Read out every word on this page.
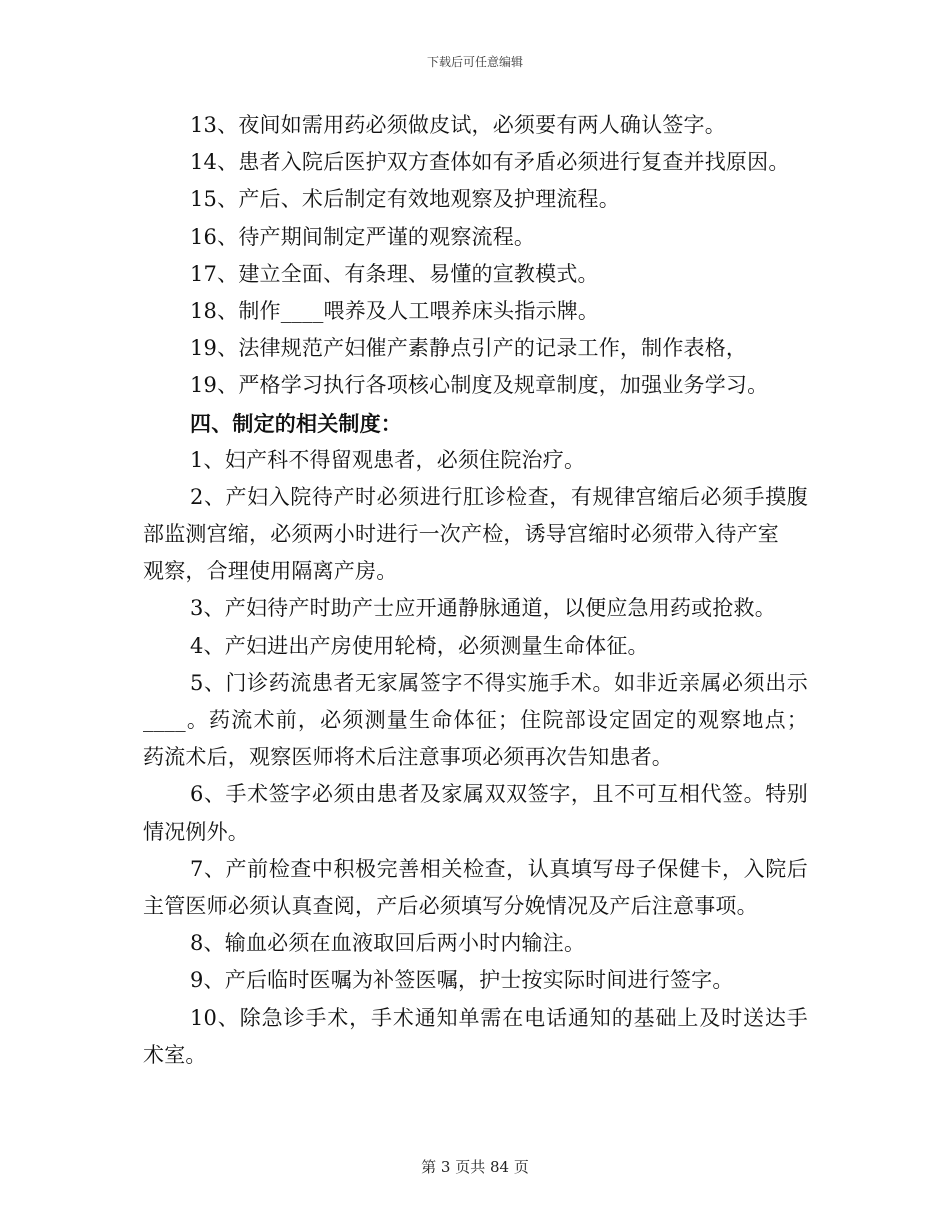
下载后可任意编辑
13、夜间如需用药必须做皮试，必须要有两人确认签字。
14、患者入院后医护双方查体如有矛盾必须进行复查并找原因。
15、产后、术后制定有效地观察及护理流程。
16、待产期间制定严谨的观察流程。
17、建立全面、有条理、易懂的宣教模式。
18、制作____喂养及人工喂养床头指示牌。
19、法律规范产妇催产素静点引产的记录工作，制作表格，
19、严格学习执行各项核心制度及规章制度，加强业务学习。
四、制定的相关制度：
1、妇产科不得留观患者，必须住院治疗。
2、产妇入院待产时必须进行肛诊检查，有规律宫缩后必须手摸腹
部监测宫缩，必须两小时进行一次产检，诱导宫缩时必须带入待产室
观察，合理使用隔离产房。
3、产妇待产时助产士应开通静脉通道，以便应急用药或抢救。
4、产妇进出产房使用轮椅，必须测量生命体征。
5、门诊药流患者无家属签字不得实施手术。如非近亲属必须出示
____。药流术前，必须测量生命体征；住院部设定固定的观察地点；
药流术后，观察医师将术后注意事项必须再次告知患者。
6、手术签字必须由患者及家属双双签字，且不可互相代签。特别
情况例外。
7、产前检查中积极完善相关检查，认真填写母子保健卡，入院后
主管医师必须认真查阅，产后必须填写分娩情况及产后注意事项。
8、输血必须在血液取回后两小时内输注。
9、产后临时医嘱为补签医嘱，护士按实际时间进行签字。
10、除急诊手术，手术通知单需在电话通知的基础上及时送达手
术室。
第 3 页共 84 页
